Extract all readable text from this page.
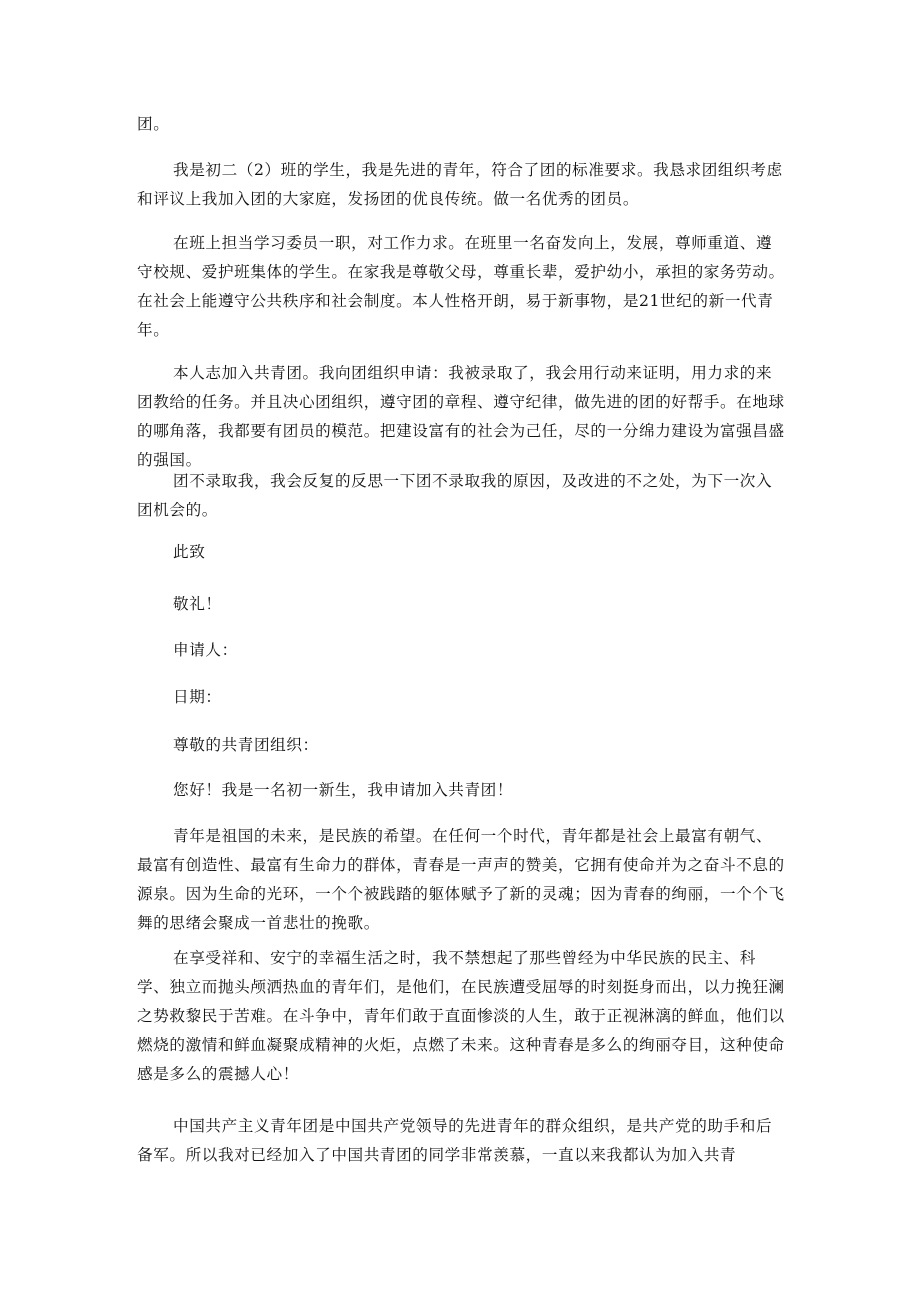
团。

我是初二（2）班的学生，我是先进的青年，符合了团的标准要求。我恳求团组织考虑和评议上我加入团的大家庭，发扬团的优良传统。做一名优秀的团员。

在班上担当学习委员一职，对工作力求。在班里一名奋发向上，发展，尊师重道、遵守校规、爱护班集体的学生。在家我是尊敬父母，尊重长辈，爱护幼小，承担的家务劳动。在社会上能遵守公共秩序和社会制度。本人性格开朗，易于新事物，是21世纪的新一代青年。

本人志加入共青团。我向团组织申请：我被录取了，我会用行动来证明，用力求的来团教给的任务。并且决心团组织，遵守团的章程、遵守纪律，做先进的团的好帮手。在地球的哪角落，我都要有团员的模范。把建设富有的社会为己任，尽的一分绵力建设为富强昌盛的强国。

团不录取我，我会反复的反思一下团不录取我的原因，及改进的不之处，为下一次入团机会的。

此致

敬礼！

申请人：

日期：

尊敬的共青团组织：

您好！我是一名初一新生，我申请加入共青团！

青年是祖国的未来，是民族的希望。在任何一个时代，青年都是社会上最富有朝气、最富有创造性、最富有生命力的群体，青春是一声声的赞美，它拥有使命并为之奋斗不息的源泉。因为生命的光环，一个个被践踏的躯体赋予了新的灵魂；因为青春的绚丽，一个个飞舞的思绪会聚成一首悲壮的挽歌。

在享受祥和、安宁的幸福生活之时，我不禁想起了那些曾经为中华民族的民主、科学、独立而抛头颅洒热血的青年们，是他们，在民族遭受屈辱的时刻挺身而出，以力挽狂澜之势救黎民于苦难。在斗争中，青年们敢于直面惨淡的人生，敢于正视淋漓的鲜血，他们以燃烧的激情和鲜血凝聚成精神的火炬，点燃了未来。这种青春是多么的绚丽夺目，这种使命感是多么的震撼人心！

中国共产主义青年团是中国共产党领导的先进青年的群众组织，是共产党的助手和后备军。所以我对已经加入了中国共青团的同学非常羡慕，一直以来我都认为加入共青
